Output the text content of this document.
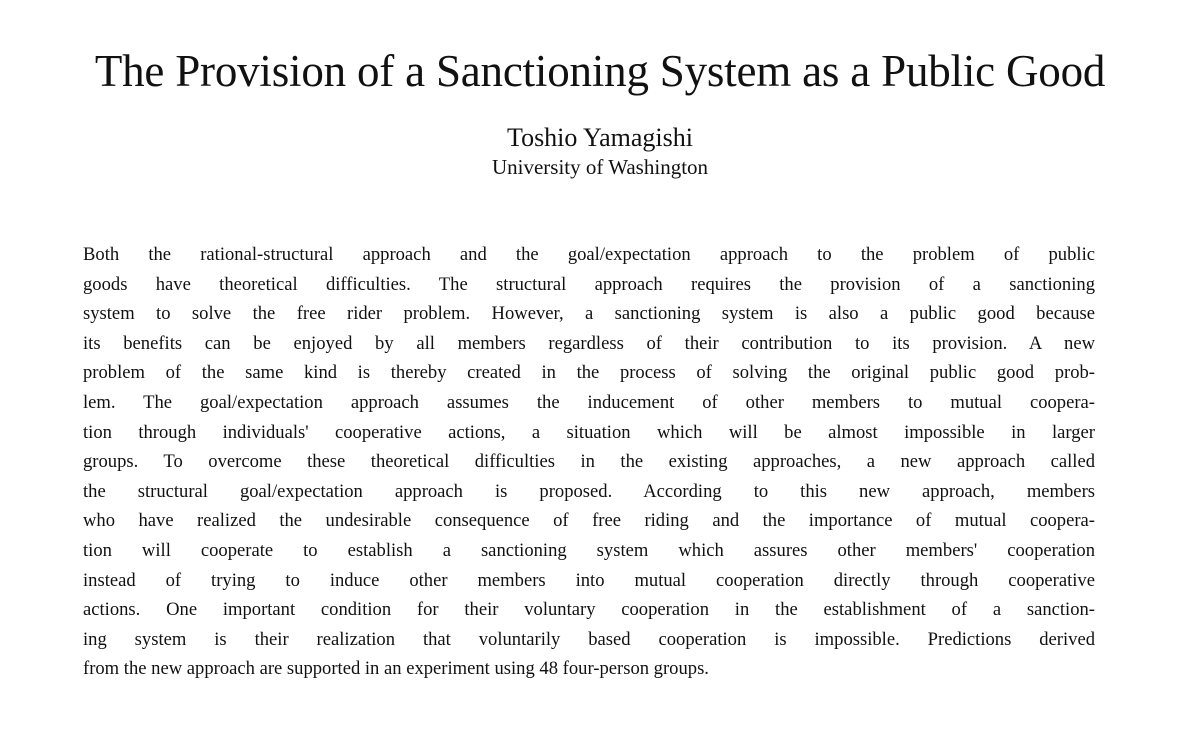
The Provision of a Sanctioning System as a Public Good
Toshio Yamagishi
University of Washington

Both the rational-structural approach and the goal/expectation approach to the problem of public
goods have theoretical difficulties. The structural approach requires the provision of a sanctioning
system to solve the free rider problem. However, a sanctioning system is also a public good because
its benefits can be enjoyed by all members regardless of their contribution to its provision. A new
problem of the same kind is thereby created in the process of solving the original public good prob-
lem. The goal/expectation approach assumes the inducement of other members to mutual coopera-
tion through individuals' cooperative actions, a situation which will be almost impossible in larger
groups. To overcome these theoretical difficulties in the existing approaches, a new approach called
the structural goal/expectation approach is proposed. According to this new approach, members
who have realized the undesirable consequence of free riding and the importance of mutual coopera-
tion will cooperate to establish a sanctioning system which assures other members' cooperation
instead of trying to induce other members into mutual cooperation directly through cooperative
actions. One important condition for their voluntary cooperation in the establishment of a sanction-
ing system is their realization that voluntarily based cooperation is impossible. Predictions derived
from the new approach are supported in an experiment using 48 four-person groups.
